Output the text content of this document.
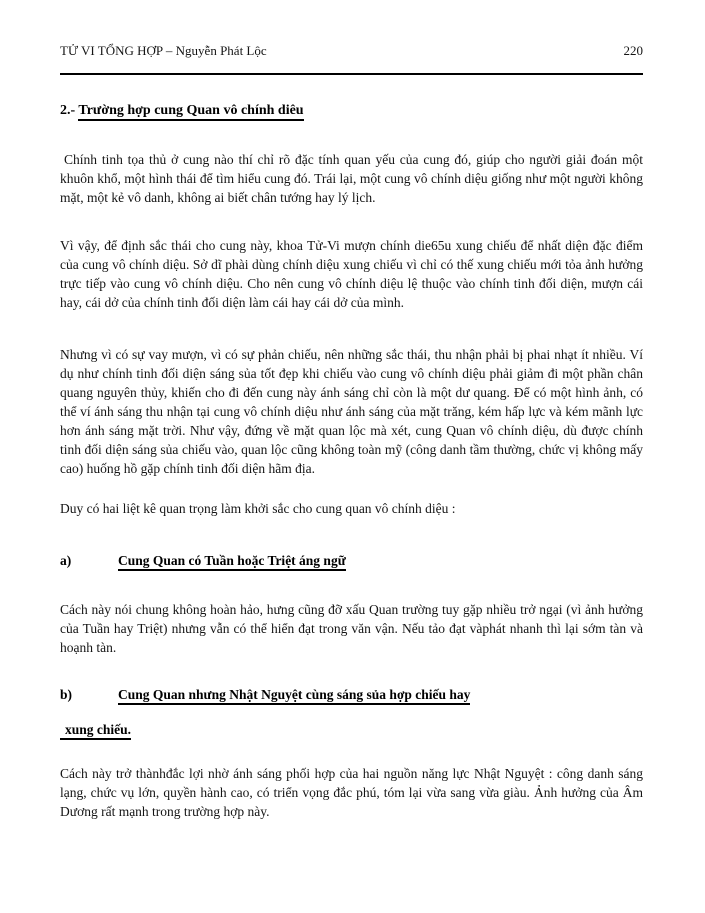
TỬ VI TỔNG HỢP – Nguyễn Phát Lộc	220
2.- Trường hợp cung Quan vô chính diêu

Chính tinh tọa thủ ở cung nào thí chỉ rõ đặc tính quan yếu của cung đó, giúp cho người giải đoán một khuôn khổ, một hình thái để tìm hiểu cung đó. Trái lại, một cung vô chính diệu giống như một người không mặt, một kẻ vô danh, không ai biết chân tướng hay lý lịch.

Vì vậy, để định sắc thái cho cung này, khoa Tử-Vi mượn chính die65u xung chiếu để nhất diện đặc điểm của cung vô chính diệu. Sở dĩ phài dùng chính diệu xung chiếu vì chỉ có thế xung chiếu mới tỏa ảnh hưởng trực tiếp vào cung vô chính diệu. Cho nên cung vô chính diệu lệ thuộc vào chính tinh đối diện, mượn cái hay, cái dở của chính tinh đối diện làm cái hay cái dở của mình.

Nhưng vì có sự vay mượn, vì có sự phản chiếu, nên những sắc thái, thu nhận phải bị phai nhạt ít nhiều. Ví dụ như chính tinh đối diện sáng sủa tốt đẹp khi chiếu vào cung vô chính diệu phải giảm đi một phần chân quang nguyên thủy, khiến cho đi đến cung này ánh sáng chỉ còn là một dư quang. Để có một hình ảnh, có thể ví ánh sáng thu nhận tại cung vô chính diệu như ánh sáng của mặt trăng, kém hấp lực và kém mãnh lực hơn ánh sáng mặt trời. Như vậy, đứng về mặt quan lộc mà xét, cung Quan vô chính diệu, dù được chính tinh đối diện sáng sủa chiếu vào, quan lộc cũng không toàn mỹ (công danh tầm thường, chức vị không mấy cao) huống hồ gặp chính tinh đối diện hãm địa.

Duy có hai liệt kê quan trọng làm khởi sắc cho cung quan vô chính diệu :

a)	Cung Quan có Tuần hoặc Triệt áng ngữ

Cách này nói chung không hoàn hảo, hưng cũng đỡ xấu Quan trường tuy gặp nhiều trở ngại (vì ảnh hưởng của Tuần hay Triệt) nhưng vẫn có thể hiển đạt trong văn vận. Nếu tảo đạt vàphát nhanh thì lại sớm tàn và hoạnh tàn.

b)	Cung Quan nhưng Nhật Nguyệt cùng sáng sủa hợp chiếu hay
xung chiếu.

Cách này trở thànhđắc lợi nhờ ánh sáng phối hợp của hai nguồn năng lực Nhật Nguyệt : công danh sáng lạng, chức vụ lớn, quyền hành cao, có triển vọng đắc phú, tóm lại vừa sang vừa giàu. Ảnh hưởng của Âm Dương rất mạnh trong trường hợp này.
